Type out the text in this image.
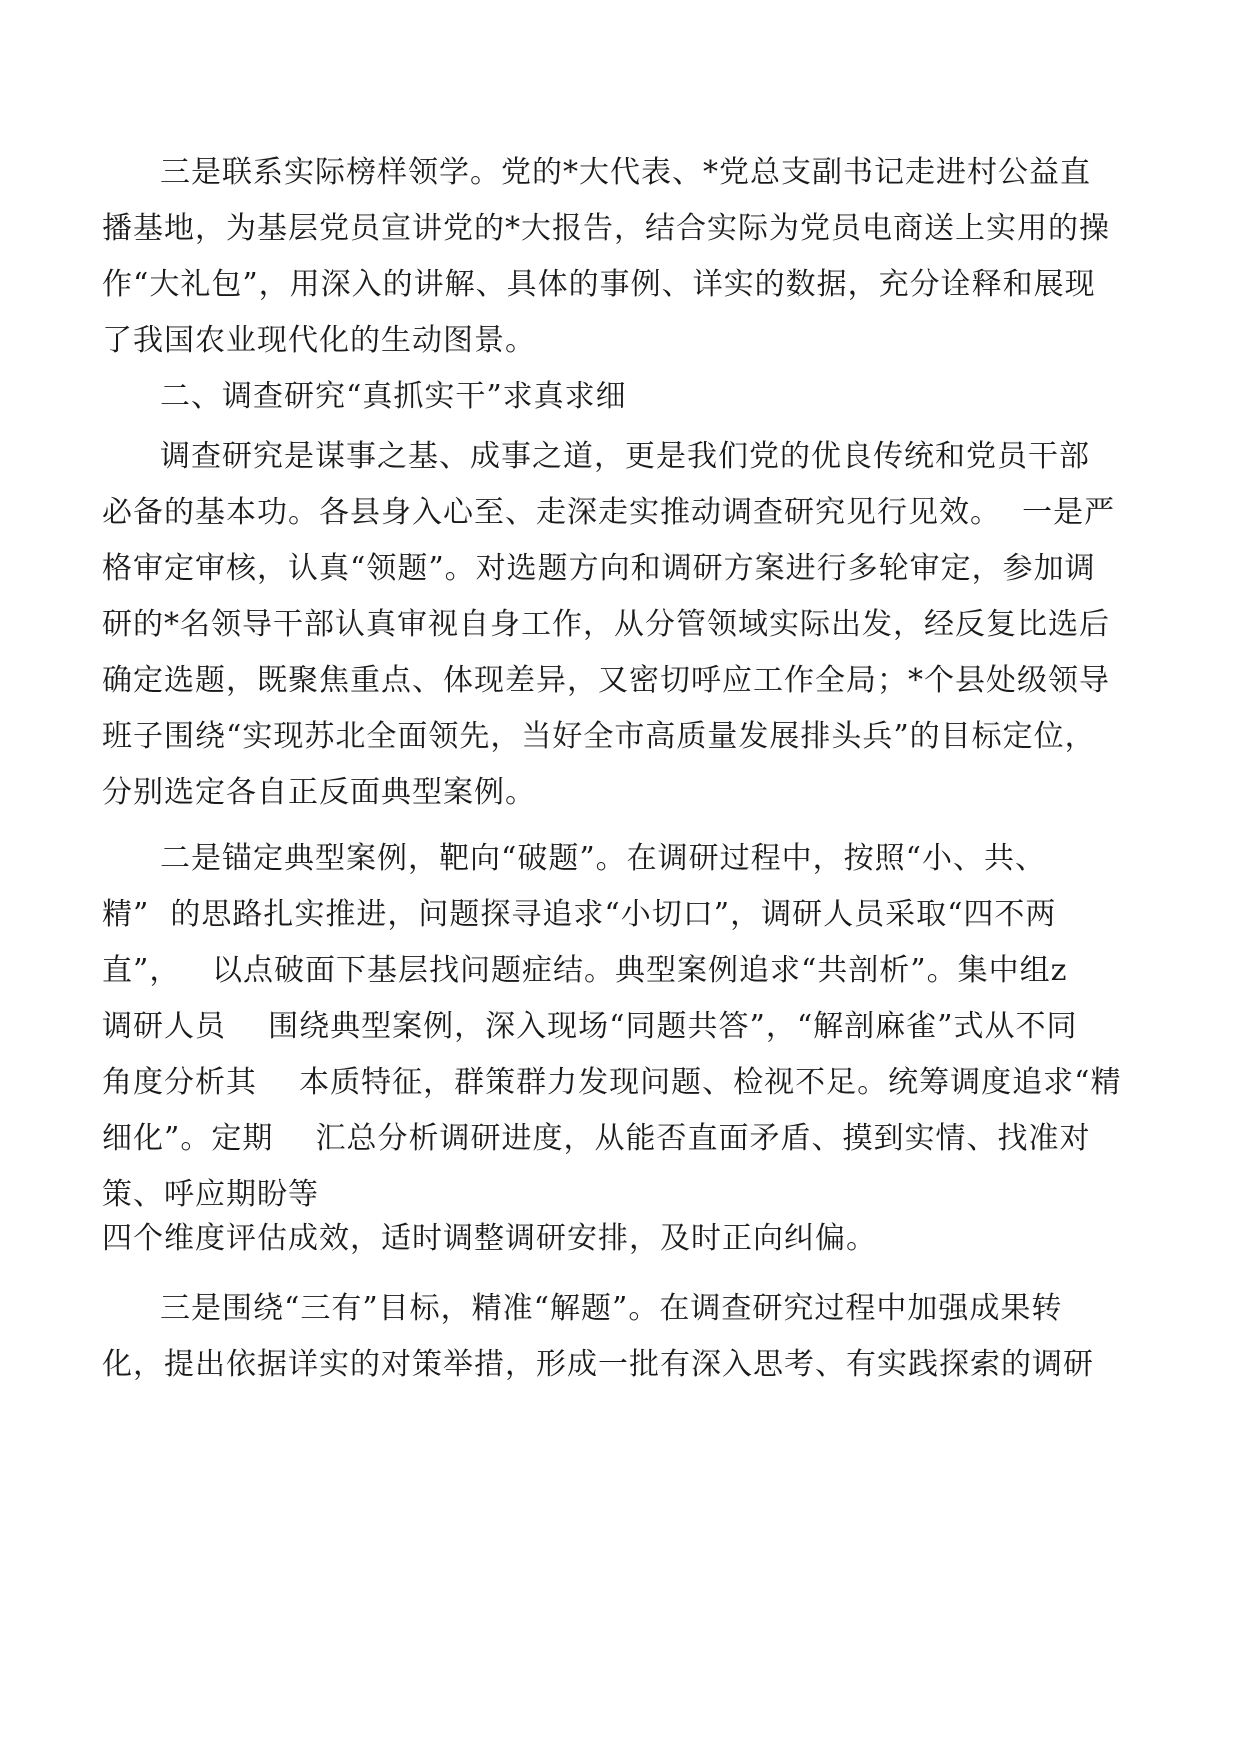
三是联系实际榜样领学。党的*大代表、*党总支副书记走进村公益直
播基地，为基层党员宣讲党的*大报告，结合实际为党员电商送上实用的操
作“大礼包”，用深入的讲解、具体的事例、详实的数据，充分诠释和展现
了我国农业现代化的生动图景。
二、调查研究“真抓实干”求真求细
调查研究是谋事之基、成事之道，更是我们党的优良传统和党员干部
必备的基本功。各县身入心至、走深走实推动调查研究见行见效。  一是严
格审定审核，认真“领题”。对选题方向和调研方案进行多轮审定，参加调
研的*名领导干部认真审视自身工作，从分管领域实际出发，经反复比选后
确定选题，既聚焦重点、体现差异，又密切呼应工作全局；*个县处级领导
班子围绕“实现苏北全面领先，当好全市高质量发展排头兵”的目标定位，
分别选定各自正反面典型案例。
二是锚定典型案例，靶向“破题”。在调研过程中，按照“小、共、
精”  的思路扎实推进，问题探寻追求“小切口”，调研人员采取“四不两
直”，   以点破面下基层找问题症结。典型案例追求“共剖析”。集中组z
调研人员    围绕典型案例，深入现场“同题共答”，“解剖麻雀”式从不同
角度分析其    本质特征，群策群力发现问题、检视不足。统筹调度追求“精
细化”。定期    汇总分析调研进度，从能否直面矛盾、摸到实情、找准对
策、呼应期盼等
四个维度评估成效，适时调整调研安排，及时正向纠偏。
三是围绕“三有”目标，精准“解题”。在调查研究过程中加强成果转
化，提出依据详实的对策举措，形成一批有深入思考、有实践探索的调研
